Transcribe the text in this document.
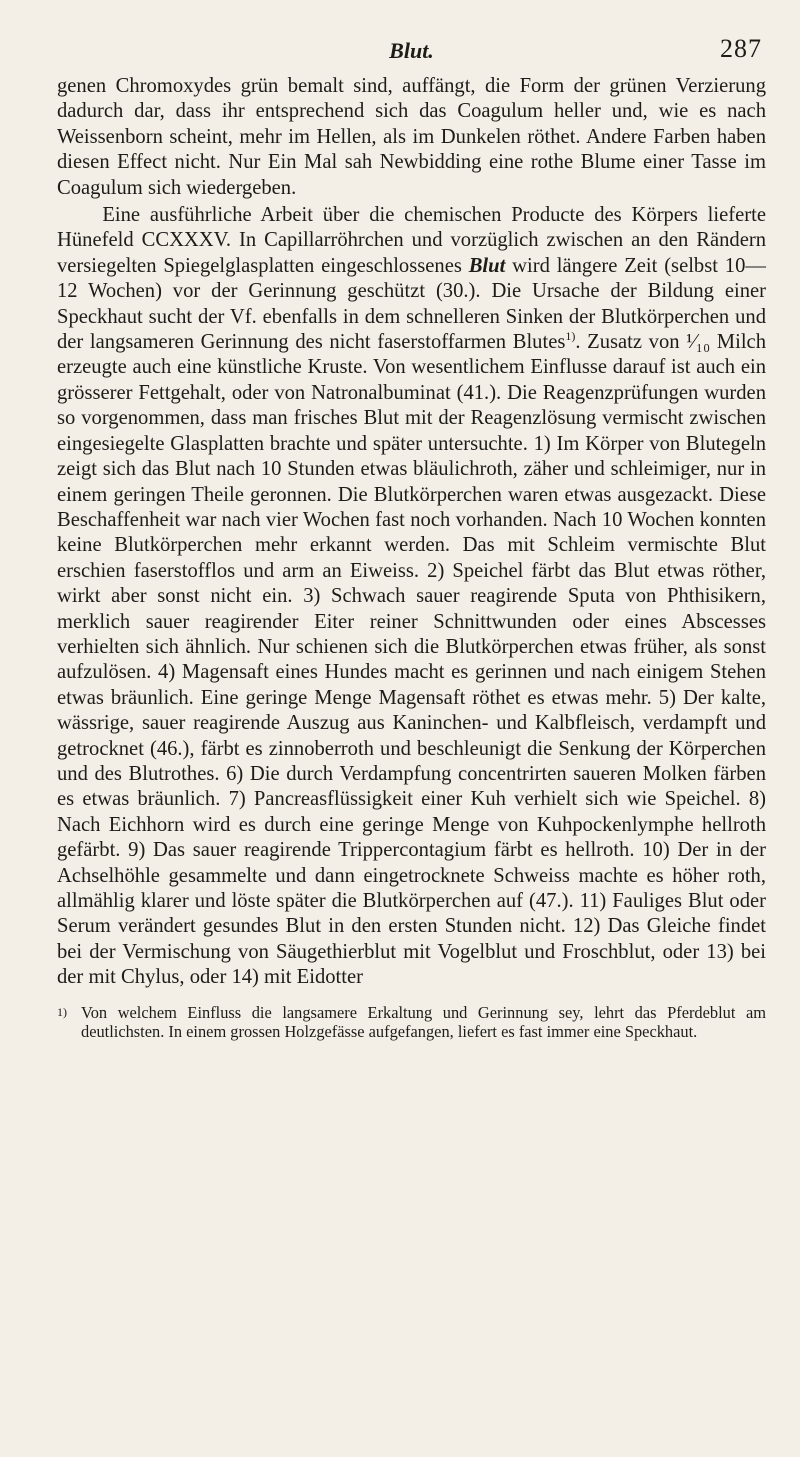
Blut.	287

genen Chromoxydes grün bemalt sind, auffängt, die Form der grünen Verzierung dadurch dar, dass ihr entsprechend sich das Coagulum heller und, wie es nach Weissenborn scheint, mehr im Hellen, als im Dunkelen röthet. Andere Farben haben diesen Effect nicht. Nur Ein Mal sah Newbidding eine rothe Blume einer Tasse im Coagulum sich wiedergeben.

Eine ausführliche Arbeit über die chemischen Producte des Körpers lieferte Hünefeld CCXXXV. In Capillarröhrchen und vorzüglich zwischen an den Rändern versiegelten Spiegelglasplatten eingeschlossenes Blut wird längere Zeit (selbst 10—12 Wochen) vor der Gerinnung geschützt (30.). Die Ursache der Bildung einer Speckhaut sucht der Vf. ebenfalls in dem schnelleren Sinken der Blutkörperchen und der langsameren Gerinnung des nicht faserstoffarmen Blutes$^{1)}$. Zusatz von ¹⁄₁₀ Milch erzeugte auch eine künstliche Kruste. Von wesentlichem Einflusse darauf ist auch ein grösserer Fettgehalt, oder von Natronalbuminat (41.). Die Reagenzprüfungen wurden so vorgenommen, dass man frisches Blut mit der Reagenzlösung vermischt zwischen eingesiegelte Glasplatten brachte und später untersuchte. 1) Im Körper von Blutegeln zeigt sich das Blut nach 10 Stunden etwas bläulichroth, zäher und schleimiger, nur in einem geringen Theile geronnen. Die Blutkörperchen waren etwas ausgezackt. Diese Beschaffenheit war nach vier Wochen fast noch vorhanden. Nach 10 Wochen konnten keine Blutkörperchen mehr erkannt werden. Das mit Schleim vermischte Blut erschien faserstofflos und arm an Eiweiss. 2) Speichel färbt das Blut etwas röther, wirkt aber sonst nicht ein. 3) Schwach sauer reagirende Sputa von Phthisikern, merklich sauer reagirender Eiter reiner Schnittwunden oder eines Abscesses verhielten sich ähnlich. Nur schienen sich die Blutkörperchen etwas früher, als sonst aufzulösen. 4) Magensaft eines Hundes macht es gerinnen und nach einigem Stehen etwas bräunlich. Eine geringe Menge Magensaft röthet es etwas mehr. 5) Der kalte, wässrige, sauer reagirende Auszug aus Kaninchen- und Kalbfleisch, verdampft und getrocknet (46.), färbt es zinnoberroth und beschleunigt die Senkung der Körperchen und des Blutrothes. 6) Die durch Verdampfung concentrirten saueren Molken färben es etwas bräunlich. 7) Pancreasflüssigkeit einer Kuh verhielt sich wie Speichel. 8) Nach Eichhorn wird es durch eine geringe Menge von Kuhpockenlymphe hellroth gefärbt. 9) Das sauer reagirende Trippercontagium färbt es hellroth. 10) Der in der Achselhöhle gesammelte und dann eingetrocknete Schweiss machte es höher roth, allmählig klarer und löste später die Blutkörperchen auf (47.). 11) Fauliges Blut oder Serum verändert gesundes Blut in den ersten Stunden nicht. 12) Das Gleiche findet bei der Vermischung von Säugethierblut mit Vogelblut und Froschblut, oder 13) bei der mit Chylus, oder 14) mit Eidotter

1) Von welchem Einfluss die langsamere Erkaltung und Gerinnung sey, lehrt das Pferdeblut am deutlichsten. In einem grossen Holzgefässe aufgefangen, liefert es fast immer eine Speckhaut.
